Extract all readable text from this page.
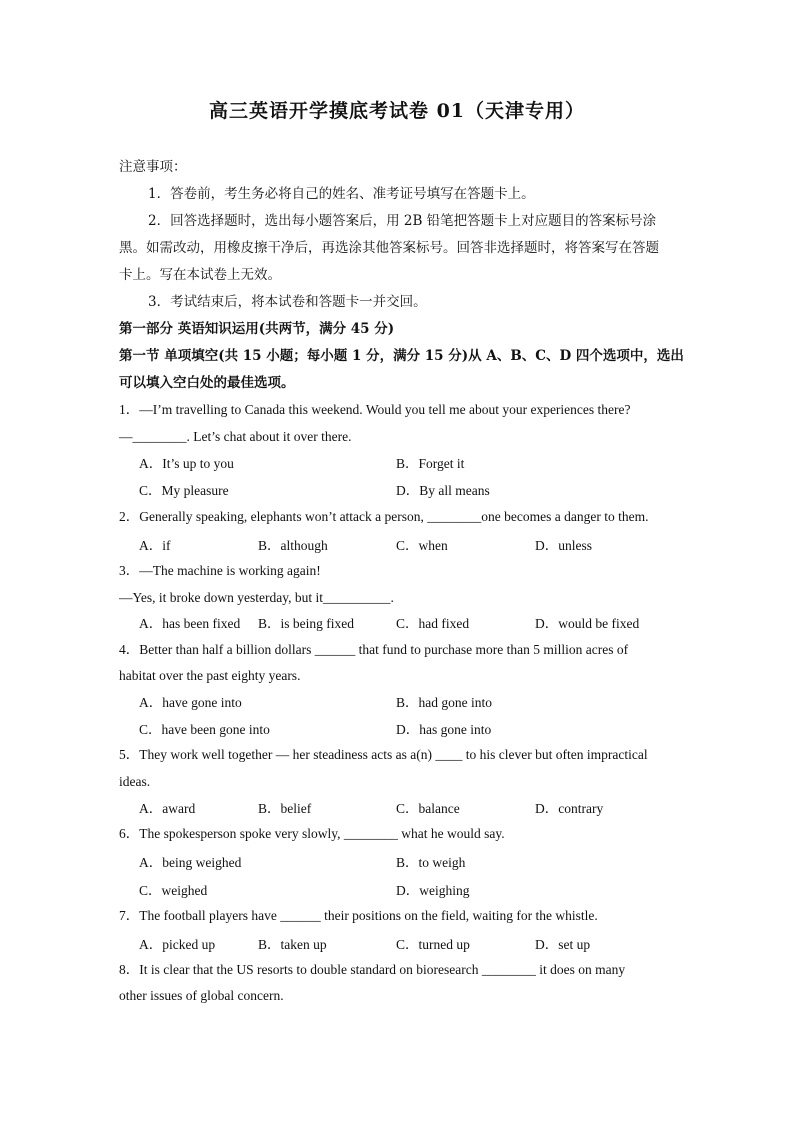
高三英语开学摸底考试卷 01（天津专用）
注意事项：
1．答卷前，考生务必将自己的姓名、准考证号填写在答题卡上。
2．回答选择题时，选出每小题答案后，用 2B 铅笔把答题卡上对应题目的答案标号涂
黑。如需改动，用橡皮擦干净后，再选涂其他答案标号。回答非选择题时，将答案写在答题
卡上。写在本试卷上无效。
3．考试结束后，将本试卷和答题卡一并交回。
第一部分 英语知识运用(共两节，满分 45 分)
第一节 单项填空(共 15 小题；每小题 1 分，满分 15 分)从 A、B、C、D 四个选项中，选出
可以填入空白处的最佳选项。
1．—I’m travelling to Canada this weekend. Would you tell me about your experiences there?
—________. Let’s chat about it over there.
A．It’s up to you	B．Forget it
C．My pleasure	D．By all means
2．Generally speaking, elephants won’t attack a person, ________one becomes a danger to them.
A．if	B．although	C．when	D．unless
3．—The machine is working again!
—Yes, it broke down yesterday, but it__________.
A．has been fixed B．is being fixed	C．had fixed	D．would be fixed
4．Better than half a billion dollars ______ that fund to purchase more than 5 million acres of
habitat over the past eighty years.
A．have gone into	B．had gone into
C．have been gone into	D．has gone into
5．They work well together — her steadiness acts as a(n) ____ to his clever but often impractical
ideas.
A．award	B．belief	C．balance	D．contrary
6．The spokesperson spoke very slowly, ________ what he would say.
A．being weighed	B．to weigh
C．weighed	D．weighing
7．The football players have ______ their positions on the field, waiting for the whistle.
A．picked up	B．taken up	C．turned up	D．set up
8．It is clear that the US resorts to double standard on bioresearch ________ it does on many
other issues of global concern.
